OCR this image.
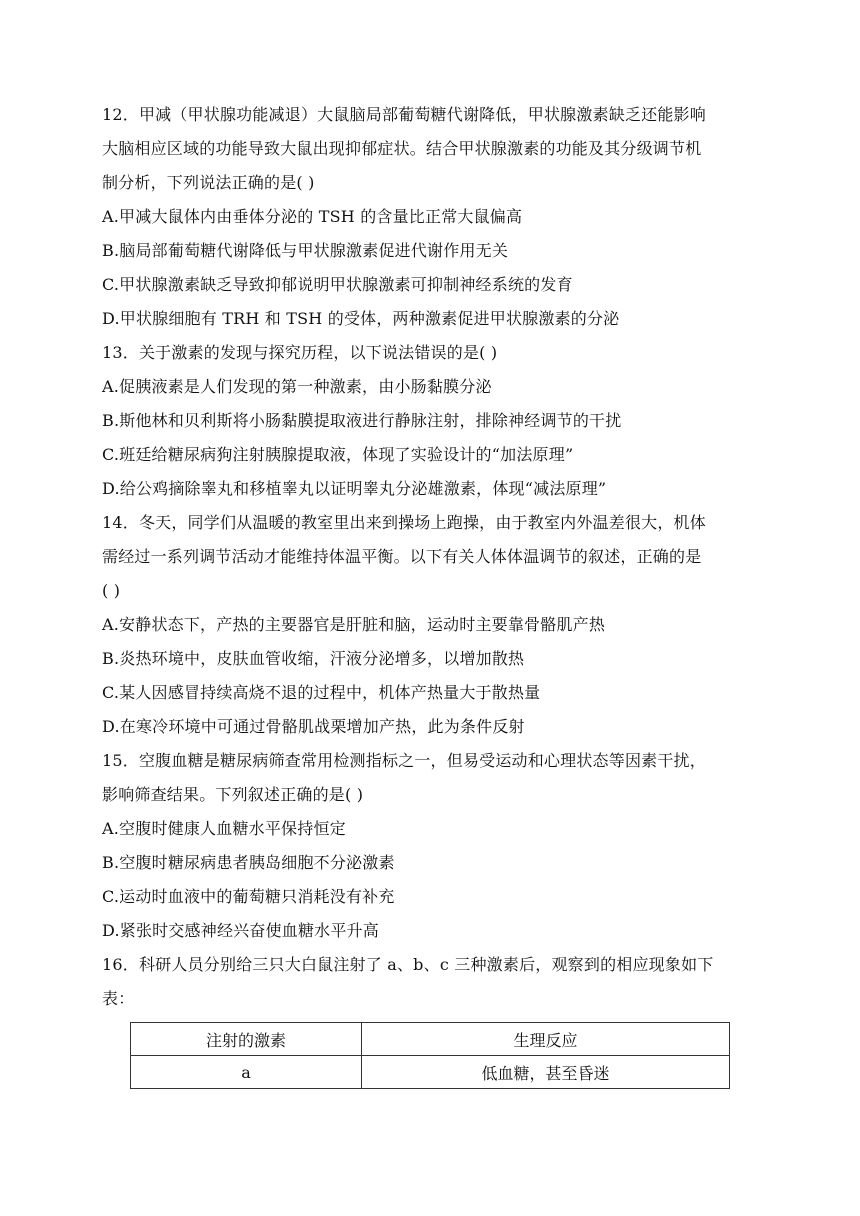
12．甲减（甲状腺功能减退）大鼠脑局部葡萄糖代谢降低，甲状腺激素缺乏还能影响
大脑相应区域的功能导致大鼠出现抑郁症状。结合甲状腺激素的功能及其分级调节机
制分析，下列说法正确的是( )
A.甲减大鼠体内由垂体分泌的 TSH 的含量比正常大鼠偏高
B.脑局部葡萄糖代谢降低与甲状腺激素促进代谢作用无关
C.甲状腺激素缺乏导致抑郁说明甲状腺激素可抑制神经系统的发育
D.甲状腺细胞有 TRH 和 TSH 的受体，两种激素促进甲状腺激素的分泌
13．关于激素的发现与探究历程，以下说法错误的是( )
A.促胰液素是人们发现的第一种激素，由小肠黏膜分泌
B.斯他林和贝利斯将小肠黏膜提取液进行静脉注射，排除神经调节的干扰
C.班廷给糖尿病狗注射胰腺提取液，体现了实验设计的“加法原理”
D.给公鸡摘除睾丸和移植睾丸以证明睾丸分泌雄激素，体现“减法原理”
14．冬天，同学们从温暖的教室里出来到操场上跑操，由于教室内外温差很大，机体
需经过一系列调节活动才能维持体温平衡。以下有关人体体温调节的叙述，正确的是
( )
A.安静状态下，产热的主要器官是肝脏和脑，运动时主要靠骨骼肌产热
B.炎热环境中，皮肤血管收缩，汗液分泌增多，以增加散热
C.某人因感冒持续高烧不退的过程中，机体产热量大于散热量
D.在寒冷环境中可通过骨骼肌战栗增加产热，此为条件反射
15．空腹血糖是糖尿病筛查常用检测指标之一，但易受运动和心理状态等因素干扰，
影响筛查结果。下列叙述正确的是( )
A.空腹时健康人血糖水平保持恒定
B.空腹时糖尿病患者胰岛细胞不分泌激素
C.运动时血液中的葡萄糖只消耗没有补充
D.紧张时交感神经兴奋使血糖水平升高
16．科研人员分别给三只大白鼠注射了 a、b、c 三种激素后，观察到的相应现象如下
表：
注射的激素	生理反应
a	低血糖，甚至昏迷
